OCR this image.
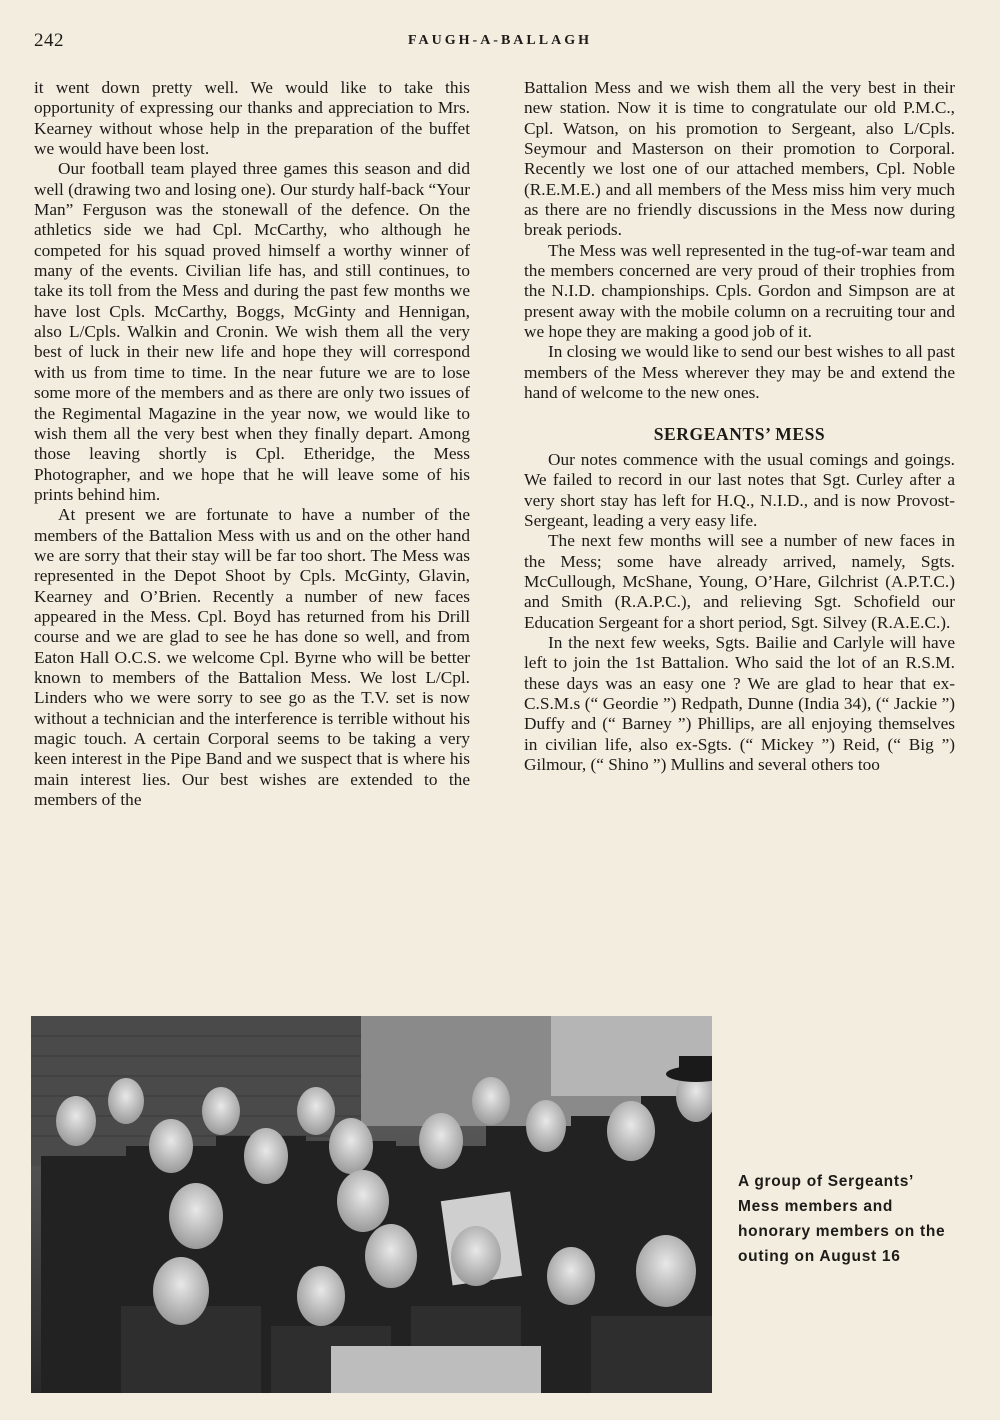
242	FAUGH-A-BALLAGH

it went down pretty well. We would like to take this opportunity of expressing our thanks and appreciation to Mrs. Kearney without whose help in the preparation of the buffet we would have been lost.

Our football team played three games this season and did well (drawing two and losing one). Our sturdy half-back “Your Man” Ferguson was the stonewall of the defence. On the athletics side we had Cpl. McCarthy, who although he competed for his squad proved himself a worthy winner of many of the events. Civilian life has, and still continues, to take its toll from the Mess and during the past few months we have lost Cpls. McCarthy, Boggs, McGinty and Hennigan, also L/Cpls. Walkin and Cronin. We wish them all the very best of luck in their new life and hope they will correspond with us from time to time. In the near future we are to lose some more of the members and as there are only two issues of the Regimental Magazine in the year now, we would like to wish them all the very best when they finally depart. Among those leaving shortly is Cpl. Etheridge, the Mess Photographer, and we hope that he will leave some of his prints behind him.

At present we are fortunate to have a number of the members of the Battalion Mess with us and on the other hand we are sorry that their stay will be far too short. The Mess was represented in the Depot Shoot by Cpls. McGinty, Glavin, Kearney and O’Brien. Recently a number of new faces appeared in the Mess. Cpl. Boyd has returned from his Drill course and we are glad to see he has done so well, and from Eaton Hall O.C.S. we welcome Cpl. Byrne who will be better known to members of the Battalion Mess. We lost L/Cpl. Linders who we were sorry to see go as the T.V. set is now without a technician and the interference is terrible without his magic touch. A certain Corporal seems to be taking a very keen interest in the Pipe Band and we suspect that is where his main interest lies. Our best wishes are extended to the members of the

Battalion Mess and we wish them all the very best in their new station. Now it is time to congratulate our old P.M.C., Cpl. Watson, on his promotion to Sergeant, also L/Cpls. Seymour and Masterson on their promotion to Corporal. Recently we lost one of our attached members, Cpl. Noble (R.E.M.E.) and all members of the Mess miss him very much as there are no friendly discussions in the Mess now during break periods.

The Mess was well represented in the tug-of-war team and the members concerned are very proud of their trophies from the N.I.D. championships. Cpls. Gordon and Simpson are at present away with the mobile column on a recruiting tour and we hope they are making a good job of it.

In closing we would like to send our best wishes to all past members of the Mess wherever they may be and extend the hand of welcome to the new ones.

SERGEANTS’ MESS

Our notes commence with the usual comings and goings. We failed to record in our last notes that Sgt. Curley after a very short stay has left for H.Q., N.I.D., and is now Provost-Sergeant, leading a very easy life.

The next few months will see a number of new faces in the Mess; some have already arrived, namely, Sgts. McCullough, McShane, Young, O’Hare, Gilchrist (A.P.T.C.) and Smith (R.A.P.C.), and relieving Sgt. Schofield our Education Sergeant for a short period, Sgt. Silvey (R.A.E.C.).

In the next few weeks, Sgts. Bailie and Carlyle will have left to join the 1st Battalion. Who said the lot of an R.S.M. these days was an easy one ? We are glad to hear that ex-C.S.M.s (“ Geordie ”) Redpath, Dunne (India 34), (“ Jackie ”) Duffy and (“ Barney ”) Phillips, are all enjoying themselves in civilian life, also ex-Sgts. (“ Mickey ”) Reid, (“ Big ”) Gilmour, (“ Shino ”) Mullins and several others too

A group of Sergeants’ Mess members and honorary members on the outing on August 16
